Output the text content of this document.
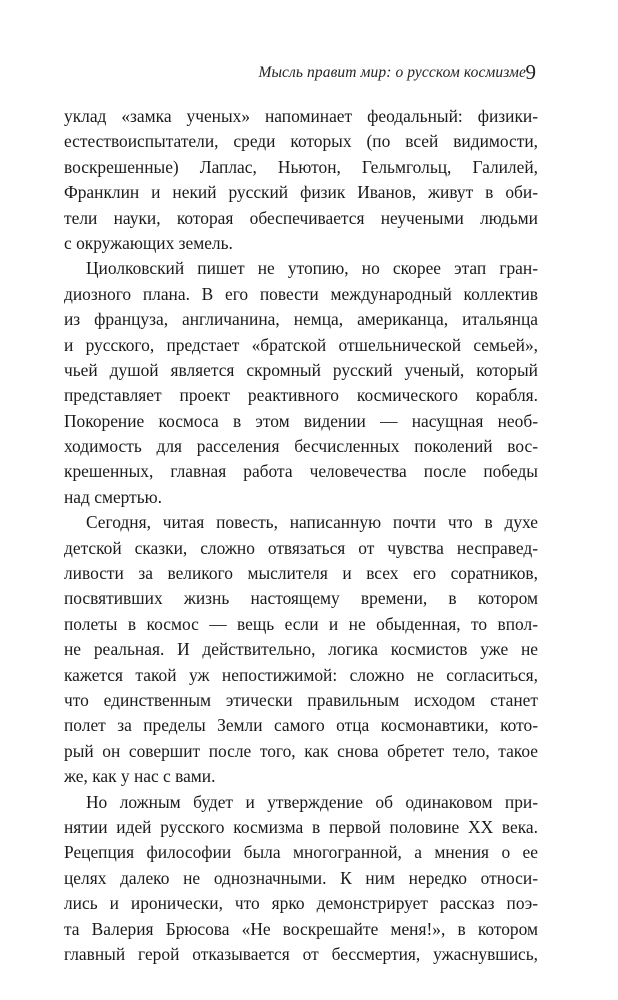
Мысль правит мир: о русском космизме 9
уклад «замка ученых» напоминает феодальный: физики-
естествоиспытатели, среди которых (по всей видимости,
воскрешенные) Лаплас, Ньютон, Гельмгольц, Галилей,
Франклин и некий русский физик Иванов, живут в оби-
тели науки, которая обеспечивается неучеными людьми
с окружающих земель.
Циолковский пишет не утопию, но скорее этап гран-
диозного плана. В его повести международный коллектив
из француза, англичанина, немца, американца, итальянца
и русского, предстает «братской отшельнической семьей»,
чьей душой является скромный русский ученый, который
представляет проект реактивного космического корабля.
Покорение космоса в этом видении — насущная необ-
ходимость для расселения бесчисленных поколений вос-
крешенных, главная работа человечества после победы
над смертью.
Сегодня, читая повесть, написанную почти что в духе
детской сказки, сложно отвязаться от чувства несправед-
ливости за великого мыслителя и всех его соратников,
посвятивших жизнь настоящему времени, в котором
полеты в космос — вещь если и не обыденная, то впол-
не реальная. И действительно, логика космистов уже не
кажется такой уж непостижимой: сложно не согласиться,
что единственным этически правильным исходом станет
полет за пределы Земли самого отца космонавтики, кото-
рый он совершит после того, как снова обретет тело, такое
же, как у нас с вами.
Но ложным будет и утверждение об одинаковом при-
нятии идей русского космизма в первой половине XX века.
Рецепция философии была многогранной, а мнения о ее
целях далеко не однозначными. К ним нередко относи-
лись и иронически, что ярко демонстрирует рассказ поэ-
та Валерия Брюсова «Не воскрешайте меня!», в котором
главный герой отказывается от бессмертия, ужаснувшись,
